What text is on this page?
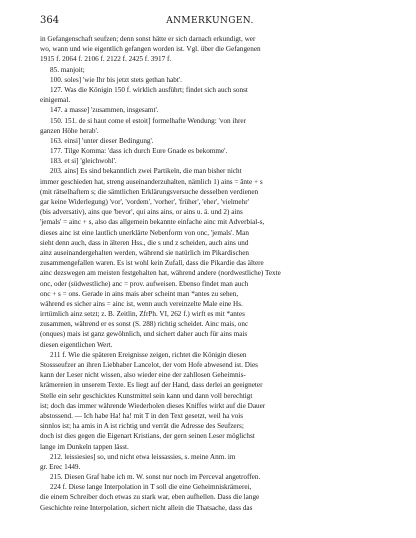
364	ANMERKUNGEN.
in Gefangenschaft seufzen; denn sonst hätte er sich darnach erkundigt, wer
wo, wann und wie eigentlich gefangen worden ist. Vgl. über die Gefangenen
1915 f. 2064 f. 2106 f. 2122 f. 2425 f. 3917 f.
85. manjoit;
100. soles] 'wie Ihr bis jetzt stets gethan habt'.
127. Was die Königin 150 f. wirklich ausführt; findet sich auch sonst
einigemal.
147. a masse] 'zusammen, insgesamt'.
150. 151. de si haut come el estoit] formelhafte Wendung: 'von ihrer
ganzen Höhe herab'.
163. einsi] 'unter dieser Bedingung'.
177. Tilge Komma: 'dass ich durch Eure Gnade es bekomme'.
183. et si] 'gleichwohl'.
203. ains] Es sind bekanntlich zwei Partikeln, die man bisher nicht
immer geschieden hat, streng auseinanderzuhalten, nämlich 1) ains = ănte + s
(mit rätselhaftem s; die sämtlichen Erklärungsversuche desselben verdienen
gar keine Widerlegung) 'vor', 'vordem', 'vorher', 'früher', 'eher', 'vielmehr'
(bis adversativ), ains que 'bevor', qui ains ains, or ains u. ä. und 2) ains
'jemals' = ainc + s, also das allgemein bekannte einfache ainc mit Adverbial-s,
dieses ainc ist eine lautlich unerklärte Nebenform von onc, 'jemals'. Man
sieht denn auch, dass in älteren Hss., die s und z scheiden, auch ains und
ainz auseinandergehalten werden, während sie natürlich im Pikardischen
zusammengefallen waren. Es ist wohl kein Zufall, dass die Pikardie das ältere
ainc dezswegen am meisten festgehalten hat, während andere (nordwestliche) Texte
onc, oder (südwestliche) anc = prov. aufweisen. Ebenso findet man auch
onc + s = ons. Gerade in ains mais aber scheint man *antes zu sehen,
während es sicher ains = ainc ist, wenn auch vereinzelte Male eine Hs.
irrtümlich ainz setzt; z. B. Zeitlin, ZfrPh. VI, 262 f.) wirft es mit *antes
zusammen, während er es sonst (S. 288) richtig scheidet. Ainc mais, onc
(onques) mais ist ganz gewöhnlich, und sichert daher auch für ains mais
diesen eigentlichen Wert.
211 f. Wie die späteren Ereignisse zeigen, richtet die Königin diesen
Stossseufzer an ihren Liebhaber Lancelot, der vom Hofe abwesend ist. Dies
kann der Leser nicht wissen, also wieder eine der zahllosen Geheimnis-
krämereien in unserem Texte. Es liegt auf der Hand, dass derlei an geeigneter
Stelle ein sehr geschicktes Kunstmittel sein kann und dann voll berechtigt
ist; doch das immer währende Wiederholen dieses Kniffes wirkt auf die Dauer
abstossend. — Ich habe Ha! ha! mit T in den Text gesetzt, weil ha vois
sinnlos ist; ha amis in A ist richtig und verrät die Adresse des Seufzers;
doch ist dies gegen die Eigenart Kristians, der gern seinen Leser möglichst
lange im Dunkeln tappen lässt.
212. leissiesies] so, und nicht etwa leissassies, s. meine Anm. im
gr. Erec 1449.
215. Diesen Graf habe ich m. W. sonst nur noch im Perceval angetroffen.
224 f. Diese lange Interpolation in T soll die eine Geheimniskrämerei,
die einem Schreiber doch etwas zu stark war, eben aufhellen. Dass die lange
Geschichte reine Interpolation, sichert nicht allein die Thatsache, dass das
